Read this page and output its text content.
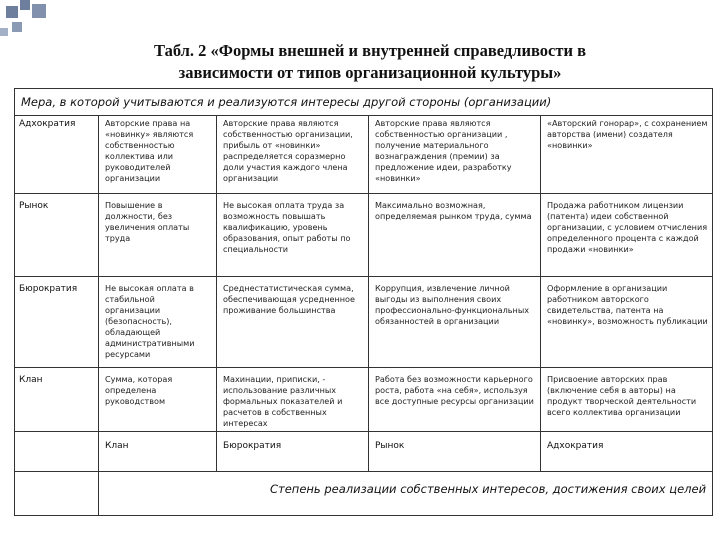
Табл. 2 «Формы внешней и внутренней справедливости в
зависимости от типов организационной культуры»
Мера, в которой учитываются и реализуются интересы другой стороны (организации)				
Адхократия	Авторские права на «новинку» являются собственностью коллектива или руководителей организации	Авторские права являются собственностью организации, прибыль от «новинки» распределяется соразмерно доли участия каждого члена организации	Авторские права являются собственностью организации , получение материального вознаграждения (премии) за предложение идеи, разработку «новинки»	«Авторский гонорар», с сохранением авторства (имени) создателя «новинки»
Рынок	Повышение в должности, без увеличения оплаты труда	Не высокая оплата труда за возможность повышать квалификацию, уровень образования, опыт работы по специальности	Максимально возможная, определяемая рынком труда, сумма	Продажа работником лицензии (патента) идеи собственной организации, с условием отчисления определенного процента с каждой продажи «новинки»
Бюрократия	Не высокая оплата в стабильной организации (безопасность), обладающей административными ресурсами	Среднестатистическая сумма, обеспечивающая усредненное проживание большинства	Коррупция, извлечение личной выгоды из выполнения своих профессионально-функциональных обязанностей в организации	Оформление в организации работником авторского свидетельства, патента на «новинку», возможность публикации
Клан	Сумма, которая определена руководством	Махинации, приписки, - использование различных формальных показателей и расчетов в собственных интересах	Работа без возможности карьерного роста, работа «на себя», используя все доступные ресурсы организации	Присвоение авторских прав (включение себя в авторы) на продукт творческой деятельности всего коллектива организации
	Клан	Бюрократия	Рынок	Адхократия
	Степень реализации собственных интересов, достижения своих целей			
